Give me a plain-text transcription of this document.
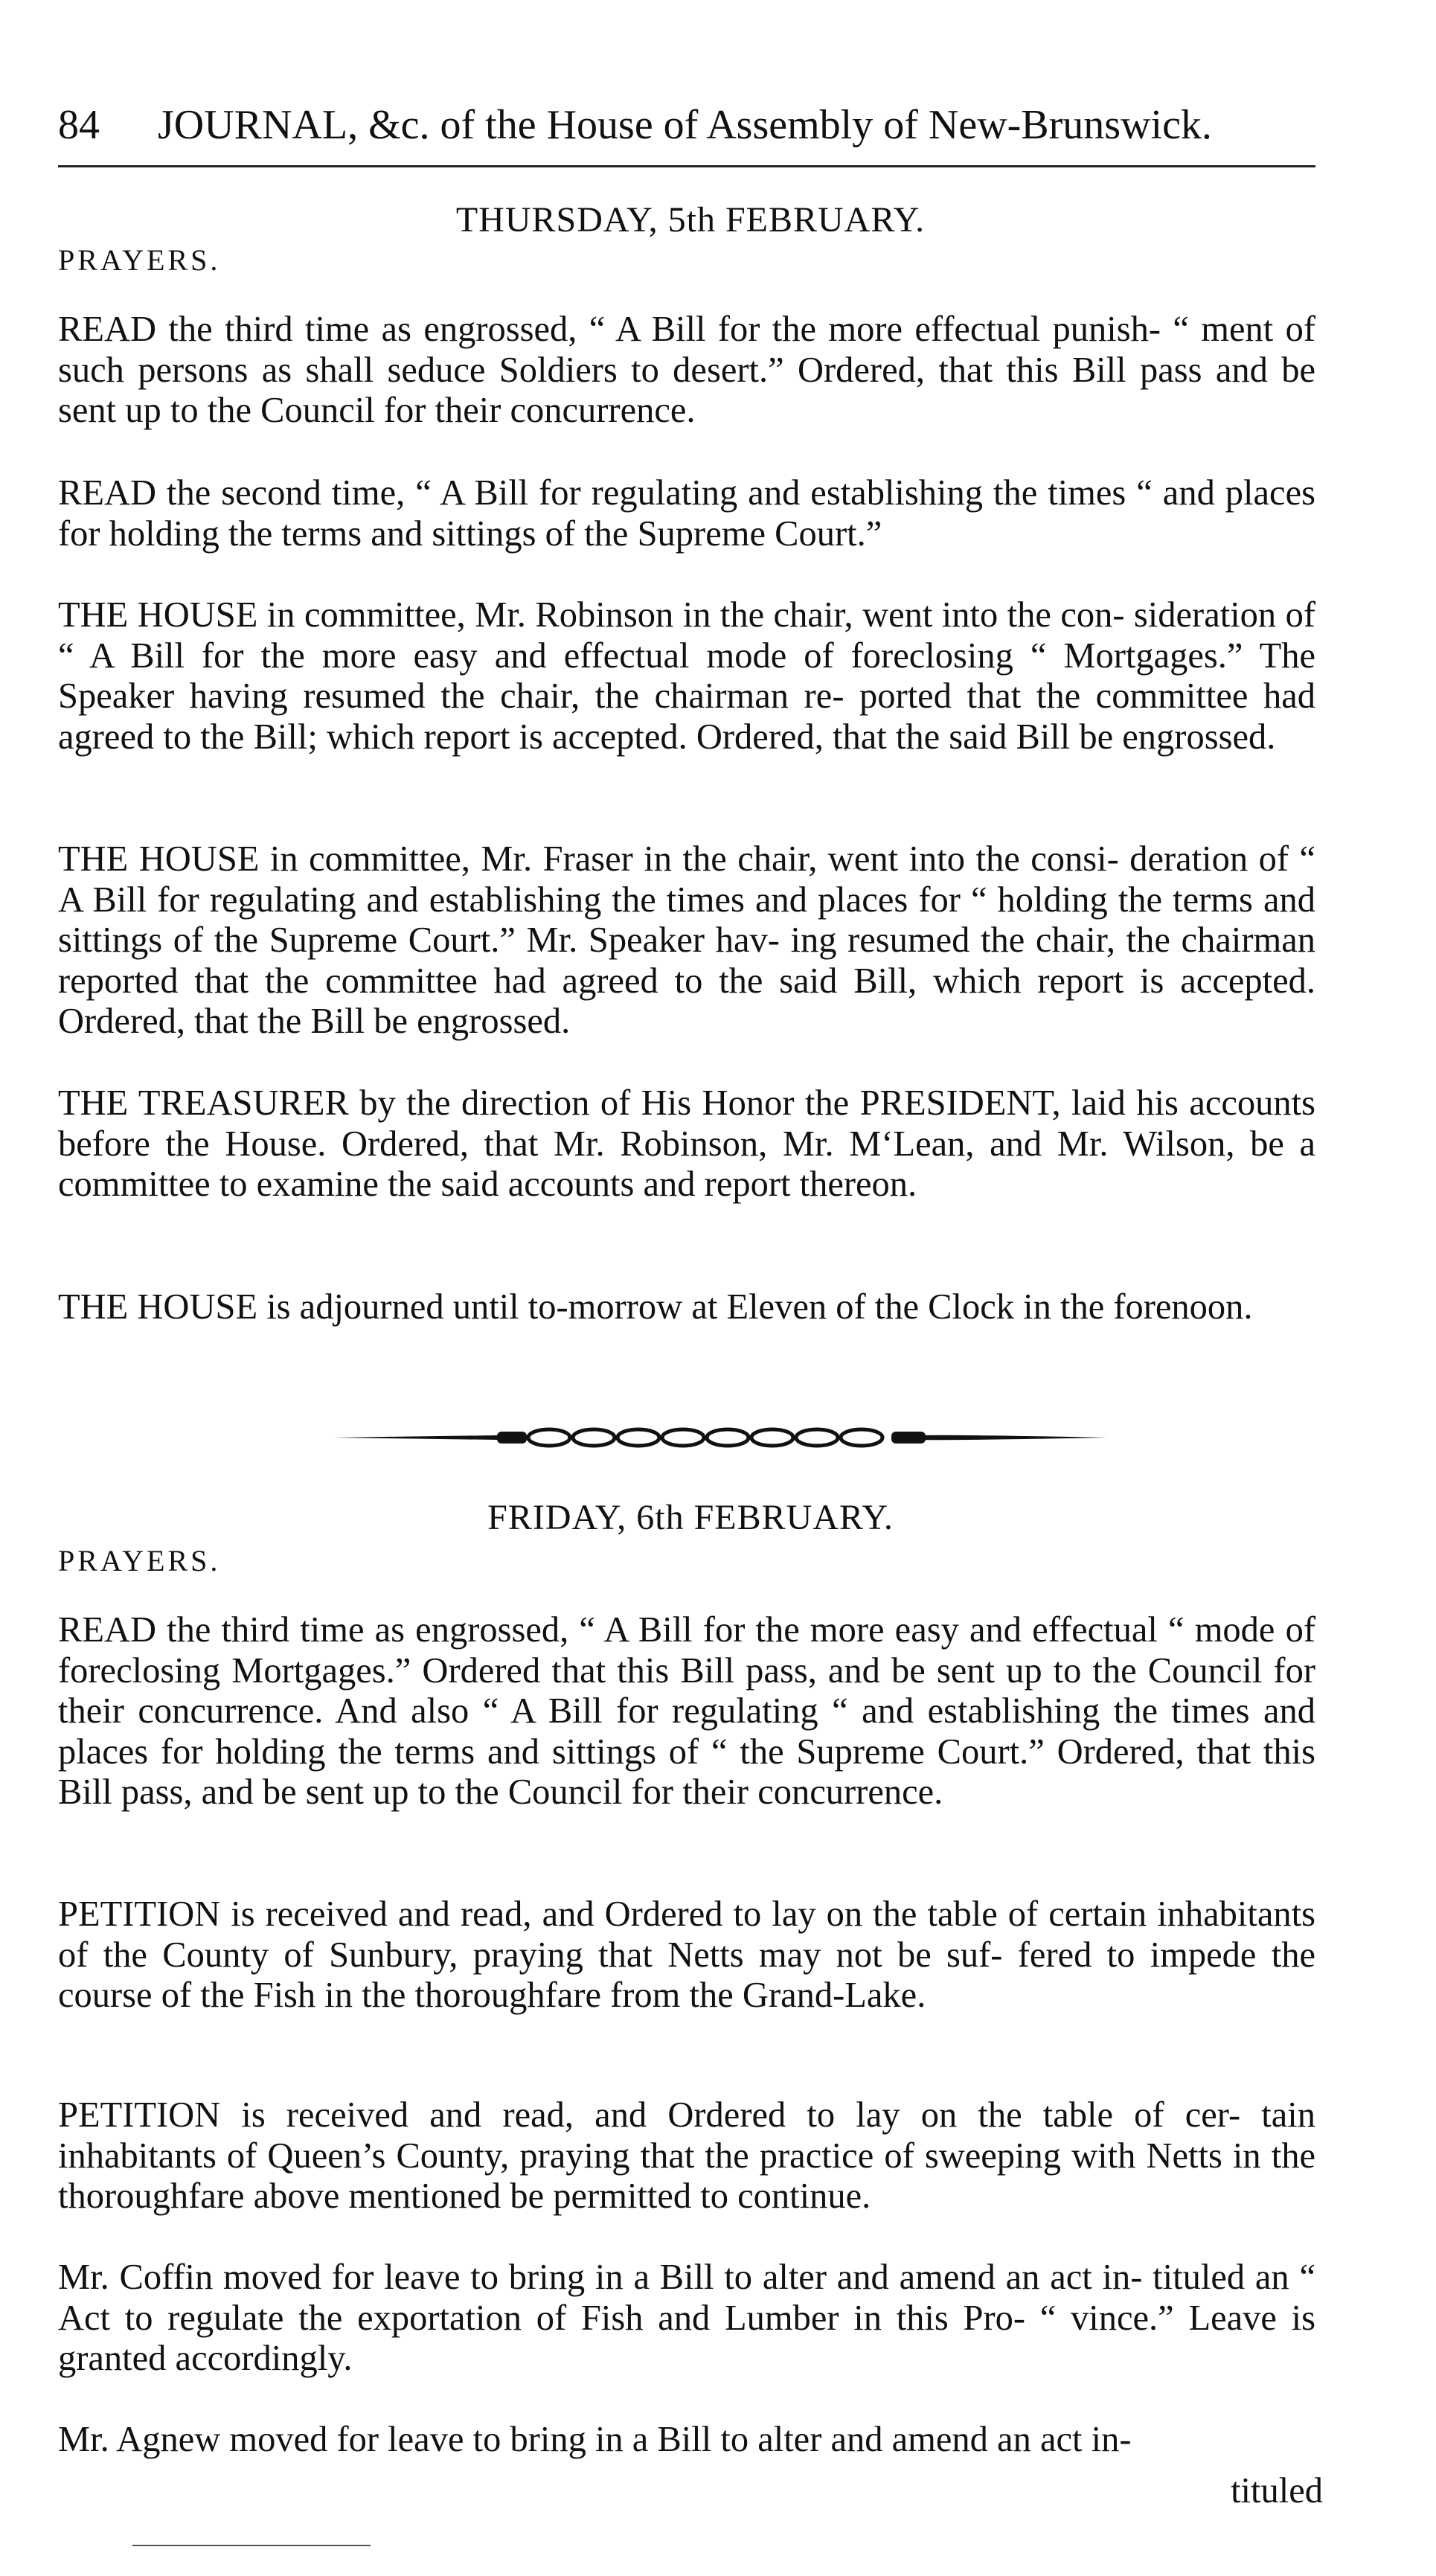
84 JOURNAL, &c. of the House of Assembly of New-Brunswick.
THURSDAY, 5th FEBRUARY.
PRAYERS.

READ the third time as engrossed, “ A Bill for the more effectual punish- “ ment of such persons as shall seduce Soldiers to desert.” Ordered, that this Bill pass and be sent up to the Council for their concurrence.

READ the second time, “ A Bill for regulating and establishing the times “ and places for holding the terms and sittings of the Supreme Court.”

THE HOUSE in committee, Mr. Robinson in the chair, went into the con- sideration of “ A Bill for the more easy and effectual mode of foreclosing “ Mortgages.” The Speaker having resumed the chair, the chairman re- ported that the committee had agreed to the Bill; which report is accepted. Ordered, that the said Bill be engrossed.

THE HOUSE in committee, Mr. Fraser in the chair, went into the consi- deration of “ A Bill for regulating and establishing the times and places for “ holding the terms and sittings of the Supreme Court.” Mr. Speaker hav- ing resumed the chair, the chairman reported that the committee had agreed to the said Bill, which report is accepted. Ordered, that the Bill be engrossed.

THE TREASURER by the direction of His Honor the PRESIDENT, laid his accounts before the House. Ordered, that Mr. Robinson, Mr. M‘Lean, and Mr. Wilson, be a committee to examine the said accounts and report thereon.

THE HOUSE is adjourned until to-morrow at Eleven of the Clock in the forenoon.

FRIDAY, 6th FEBRUARY.
PRAYERS.

READ the third time as engrossed, “ A Bill for the more easy and effectual “ mode of foreclosing Mortgages.” Ordered that this Bill pass, and be sent up to the Council for their concurrence. And also “ A Bill for regulating “ and establishing the times and places for holding the terms and sittings of “ the Supreme Court.” Ordered, that this Bill pass, and be sent up to the Council for their concurrence.

PETITION is received and read, and Ordered to lay on the table of certain inhabitants of the County of Sunbury, praying that Netts may not be suf- fered to impede the course of the Fish in the thoroughfare from the Grand-Lake.

PETITION is received and read, and Ordered to lay on the table of cer- tain inhabitants of Queen’s County, praying that the practice of sweeping with Netts in the thoroughfare above mentioned be permitted to continue.

Mr. Coffin moved for leave to bring in a Bill to alter and amend an act in- tituled an “ Act to regulate the exportation of Fish and Lumber in this Pro- “ vince.” Leave is granted accordingly.

Mr. Agnew moved for leave to bring in a Bill to alter and amend an act in-

tituled
